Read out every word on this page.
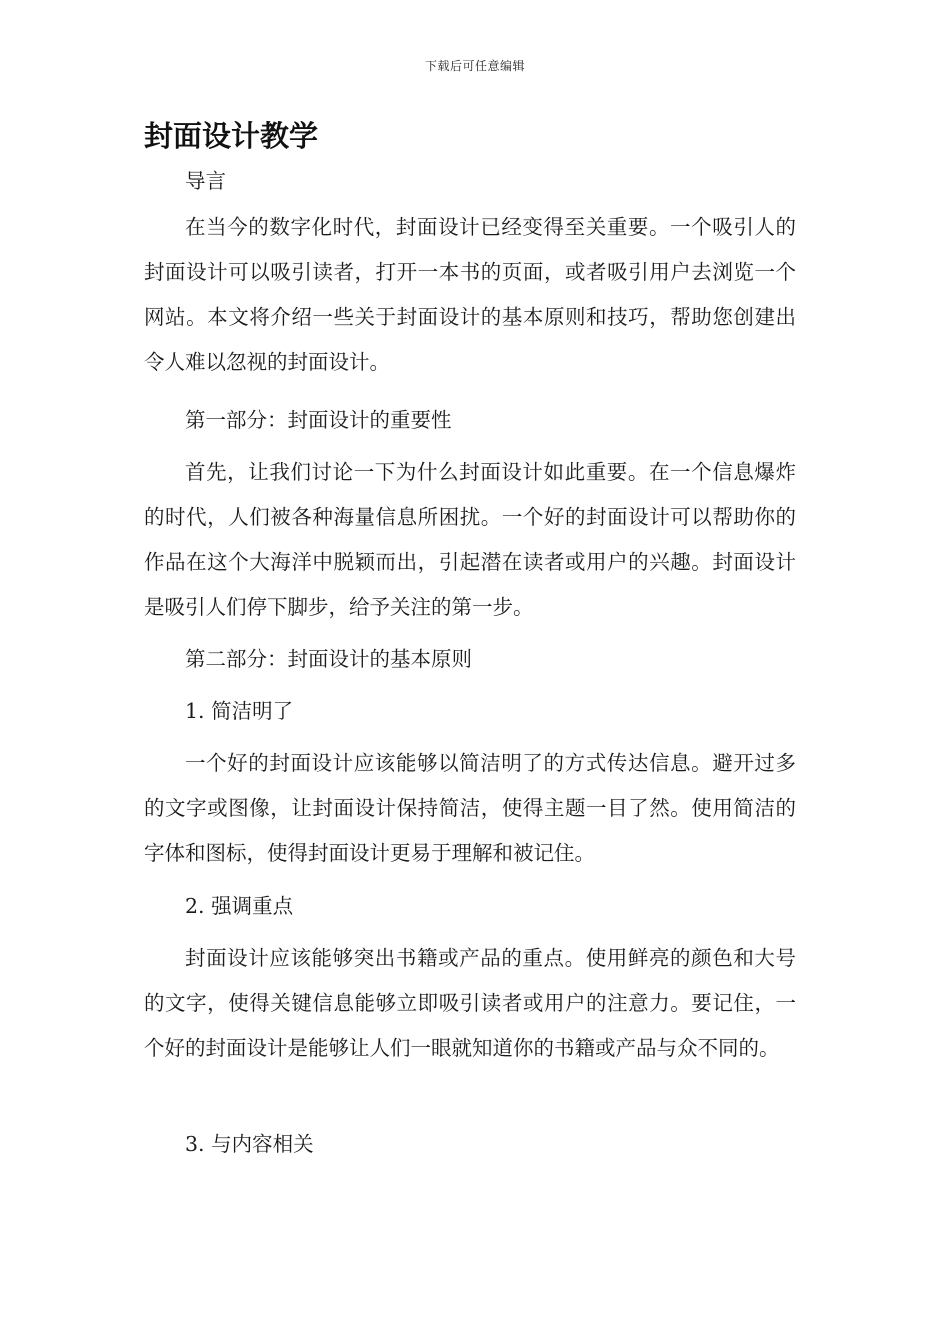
下载后可任意编辑
封面设计教学

导言

在当今的数字化时代，封面设计已经变得至关重要。一个吸引人的封面设计可以吸引读者，打开一本书的页面，或者吸引用户去浏览一个网站。本文将介绍一些关于封面设计的基本原则和技巧，帮助您创建出令人难以忽视的封面设计。

第一部分：封面设计的重要性

首先，让我们讨论一下为什么封面设计如此重要。在一个信息爆炸的时代，人们被各种海量信息所困扰。一个好的封面设计可以帮助你的作品在这个大海洋中脱颖而出，引起潜在读者或用户的兴趣。封面设计是吸引人们停下脚步，给予关注的第一步。

第二部分：封面设计的基本原则

1. 简洁明了

一个好的封面设计应该能够以简洁明了的方式传达信息。避开过多的文字或图像，让封面设计保持简洁，使得主题一目了然。使用简洁的字体和图标，使得封面设计更易于理解和被记住。

2. 强调重点

封面设计应该能够突出书籍或产品的重点。使用鲜亮的颜色和大号的文字，使得关键信息能够立即吸引读者或用户的注意力。要记住，一个好的封面设计是能够让人们一眼就知道你的书籍或产品与众不同的。

3. 与内容相关
